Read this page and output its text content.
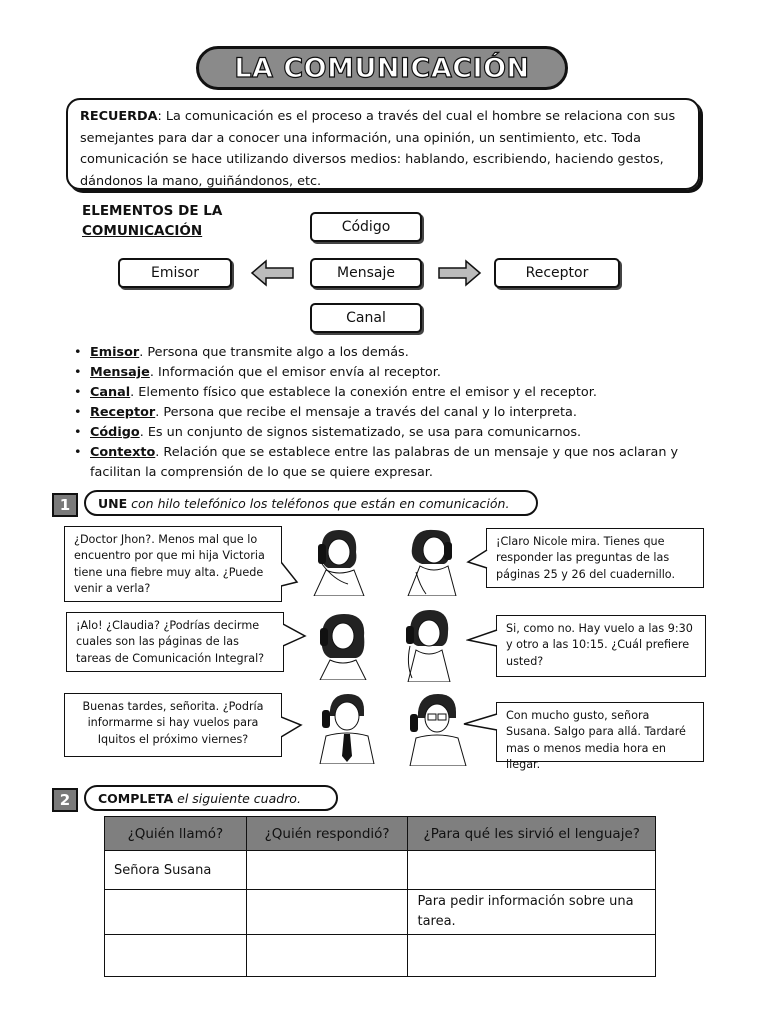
LA COMUNICACIÓN
RECUERDA: La comunicación es el proceso a través del cual el hombre se relaciona con sus semejantes para dar a conocer una información, una opinión, un sentimiento, etc. Toda comunicación se hace utilizando diversos medios: hablando, escribiendo, haciendo gestos, dándonos la mano, guiñándonos, etc.
ELEMENTOS DE LA
COMUNICACIÓN	Código
Emisor	Mensaje	Receptor
Canal
• Emisor. Persona que transmite algo a los demás.
• Mensaje. Información que el emisor envía al receptor.
• Canal. Elemento físico que establece la conexión entre el emisor y el receptor.
• Receptor. Persona que recibe el mensaje a través del canal y lo interpreta.
• Código. Es un conjunto de signos sistematizado, se usa para comunicarnos.
• Contexto. Relación que se establece entre las palabras de un mensaje y que nos aclaran y facilitan la comprensión de lo que se quiere expresar.
1 UNE con hilo telefónico los teléfonos que están en comunicación.
¿Doctor Jhon?. Menos mal que lo encuentro por que mi hija Victoria tiene una fiebre muy alta. ¿Puede venir a verla?
¡Alo! ¿Claudia? ¿Podrías decirme cuales son las páginas de las tareas de Comunicación Integral?
Buenas tardes, señorita. ¿Podría informarme si hay vuelos para Iquitos el próximo viernes?
¡Claro Nicole mira. Tienes que responder las preguntas de las páginas 25 y 26 del cuadernillo.
Si, como no. Hay vuelo a las 9:30 y otro a las 10:15. ¿Cuál prefiere usted?
Con mucho gusto, señora Susana. Salgo para allá. Tardaré mas o menos media hora en llegar.
2 COMPLETA el siguiente cuadro.
¿Quién llamó?	¿Quién respondió?	¿Para qué les sirvió el lenguaje?
Señora Susana		
		Para pedir información sobre una tarea.
